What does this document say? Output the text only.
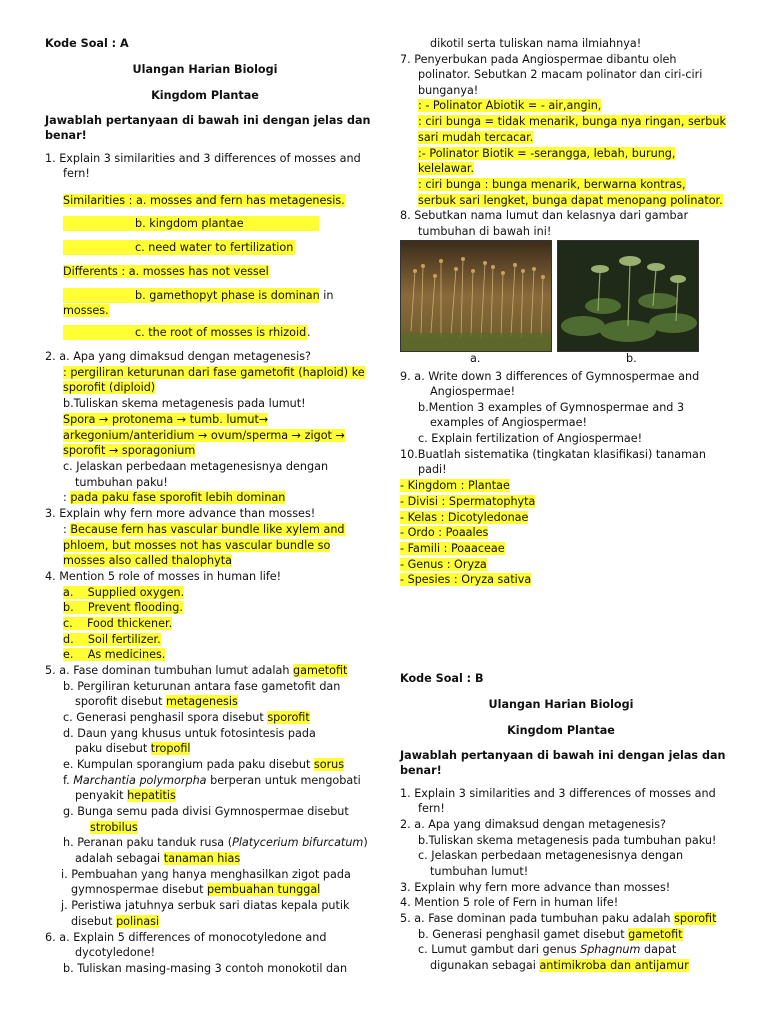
Kode Soal : A
Ulangan Harian Biologi
Kingdom Plantae
Jawablah pertanyaan di bawah ini dengan jelas dan
benar!
1. Explain 3 similarities and 3 differences of mosses and
fern!
Similarities : a. mosses and fern has metagenesis.
b. kingdom plantae
c. need water to fertilization
Differents : a. mosses has not vessel
b. gamethopyt phase is dominan in
mosses.
c. the root of mosses is rhizoid.
2. a. Apa yang dimaksud dengan metagenesis?
: pergiliran keturunan dari fase gametofit (haploid) ke
sporofit (diploid)
b.Tuliskan skema metagenesis pada lumut!
Spora → protonema → tumb. lumut→
arkegonium/anteridium → ovum/sperma → zigot →
sporofit → sporagonium
c. Jelaskan perbedaan metagenesisnya dengan
tumbuhan paku!
: pada paku fase sporofit lebih dominan
3. Explain why fern more advance than mosses!
: Because fern has vascular bundle like xylem and
phloem, but mosses not has vascular bundle so
mosses also called thalophyta
4. Mention 5 role of mosses in human life!
a. Supplied oxygen.
b. Prevent flooding.
c. Food thickener.
d. Soil fertilizer.
e. As medicines.
5. a. Fase dominan tumbuhan lumut adalah gametofit
b. Pergiliran keturunan antara fase gametofit dan
sporofit disebut metagenesis
c. Generasi penghasil spora disebut sporofit
d. Daun yang khusus untuk fotosintesis pada
paku disebut tropofil
e. Kumpulan sporangium pada paku disebut sorus
f. Marchantia polymorpha berperan untuk mengobati
penyakit hepatitis
g. Bunga semu pada divisi Gymnospermae disebut
strobilus
h. Peranan paku tanduk rusa (Platycerium bifurcatum)
adalah sebagai tanaman hias
i. Pembuahan yang hanya menghasilkan zigot pada
gymnospermae disebut pembuahan tunggal
j. Peristiwa jatuhnya serbuk sari diatas kepala putik
disebut polinasi
6. a. Explain 5 differences of monocotyledone and
dycotyledone!
b. Tuliskan masing-masing 3 contoh monokotil dan
dikotil serta tuliskan nama ilmiahnya!
7. Penyerbukan pada Angiospermae dibantu oleh
polinator. Sebutkan 2 macam polinator dan ciri-ciri
bunganya!
: - Polinator Abiotik = - air,angin,
: ciri bunga = tidak menarik, bunga nya ringan, serbuk
sari mudah tercacar.
:- Polinator Biotik = -serangga, lebah, burung,
kelelawar.
: ciri bunga : bunga menarik, berwarna kontras,
serbuk sari lengket, bunga dapat menopang polinator.
8. Sebutkan nama lumut dan kelasnya dari gambar
tumbuhan di bawah ini!
a.	b.
9. a. Write down 3 differences of Gymnospermae and
Angiospermae!
b.Mention 3 examples of Gymnospermae and 3
examples of Angiospermae!
c. Explain fertilization of Angiospermae!
10.Buatlah sistematika (tingkatan klasifikasi) tanaman
padi!
- Kingdom : Plantae
- Divisi : Spermatophyta
- Kelas : Dicotyledonae
- Ordo : Poaales
- Famili : Poaaceae
- Genus : Oryza
- Spesies : Oryza sativa
Kode Soal : B
Ulangan Harian Biologi
Kingdom Plantae
Jawablah pertanyaan di bawah ini dengan jelas dan
benar!
1. Explain 3 similarities and 3 differences of mosses and
fern!
2. a. Apa yang dimaksud dengan metagenesis?
b.Tuliskan skema metagenesis pada tumbuhan paku!
c. Jelaskan perbedaan metagenesisnya dengan
tumbuhan lumut!
3. Explain why fern more advance than mosses!
4. Mention 5 role of Fern in human life!
5. a. Fase dominan pada tumbuhan paku adalah sporofit
b. Generasi penghasil gamet disebut gametofit
c. Lumut gambut dari genus Sphagnum dapat
digunakan sebagai antimikroba dan antijamur
